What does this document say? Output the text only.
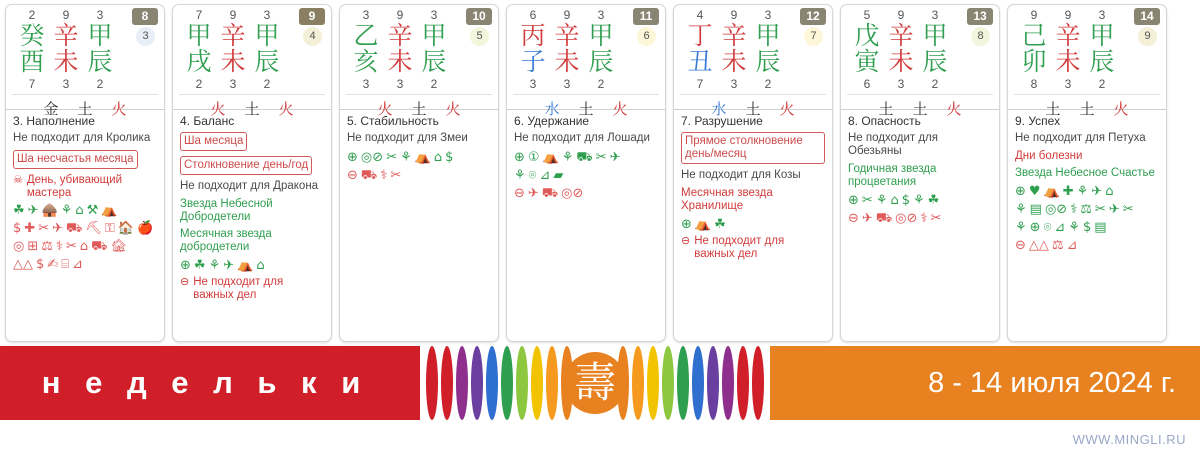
8
3
2	9	3
癸 辛 甲
酉 未 辰
7	3	2
金 土 火
3. Наполнение
Не подходит для Кролика
Ша несчастья месяца
☠ День, убивающий мастера
☘ ✈ 🛖 ⚘ ⌂ ⚒ ⛺
$ ✚ ✂ ✈ ⛟ ⛏ ⚿ 🏠 🍎
◎ ⊞ ⚖ ⚕ ✂ ⌂ ⛟ 🏚
△△ $ ✍ ⌸ ⊿
9
4
7	9	3
甲 辛 甲
戌 未 辰
2	3	2
火 土 火
4. Баланс
Ша месяцаСтолкновение день/год
Не подходит для Дракона
Звезда Небесной Добродетели
Месячная звезда добродетели
⊕ ☘ ⚘ ✈ ⛺ ⌂
⊖ Не подходит для важных дел
10
5
3	9	3
乙 辛 甲
亥 未 辰
3	3	2
火 土 火
5. Стабильность
Не подходит для Змеи
⊕ ◎⊘ ✂ ⚘ ⛺ ⌂ $
⊖ ⛟ ⚕ ✂
11
6
6	9	3
丙 辛 甲
子 未 辰
3	3	2
水 土 火
6. Удержание
Не подходит для Лошади
⊕ ① ⛺ ⚘ ⛟ ✂ ✈
⚘ ⌾ ⊿ ▰
⊖ ✈ ⛟ ◎⊘
12
7
4	9	3
丁 辛 甲
丑 未 辰
7	3	2
水 土 火
7. Разрушение
Прямое столкновение день/месяц
Не подходит для Козы
Месячная звезда Хранилище
⊕ ⛺ ☘
⊖ Не подходит для важных дел
13
8
5	9	3
戊 辛 甲
寅 未 辰
6	3	2
土 土 火
8. Опасность
Не подходит для Обезьяны
Годичная звезда процветания
⊕ ✂ ⚘ ⌂ $ ⚘ ☘
⊖ ✈ ⛟ ◎⊘ ⚕ ✂
14
9
9	9	3
己 辛 甲
卯 未 辰
8	3	2
土 土 火
9. Успех
Не подходит для Петуха
Дни болезни
Звезда Небесное Счастье
⊕ ♥ ⛺ ✚ ⚘ ✈ ⌂
⚘ ▤ ◎⊘ ⚕ ⚖ ✂ ✈ ✂
⚘ ⊕ ⌾ ⊿ ⚘ $ ▤
⊖ △△ ⚖ ⊿
н е д е л ь к и	壽	8 - 14 июля 2024 г.
WWW.MINGLI.RU
